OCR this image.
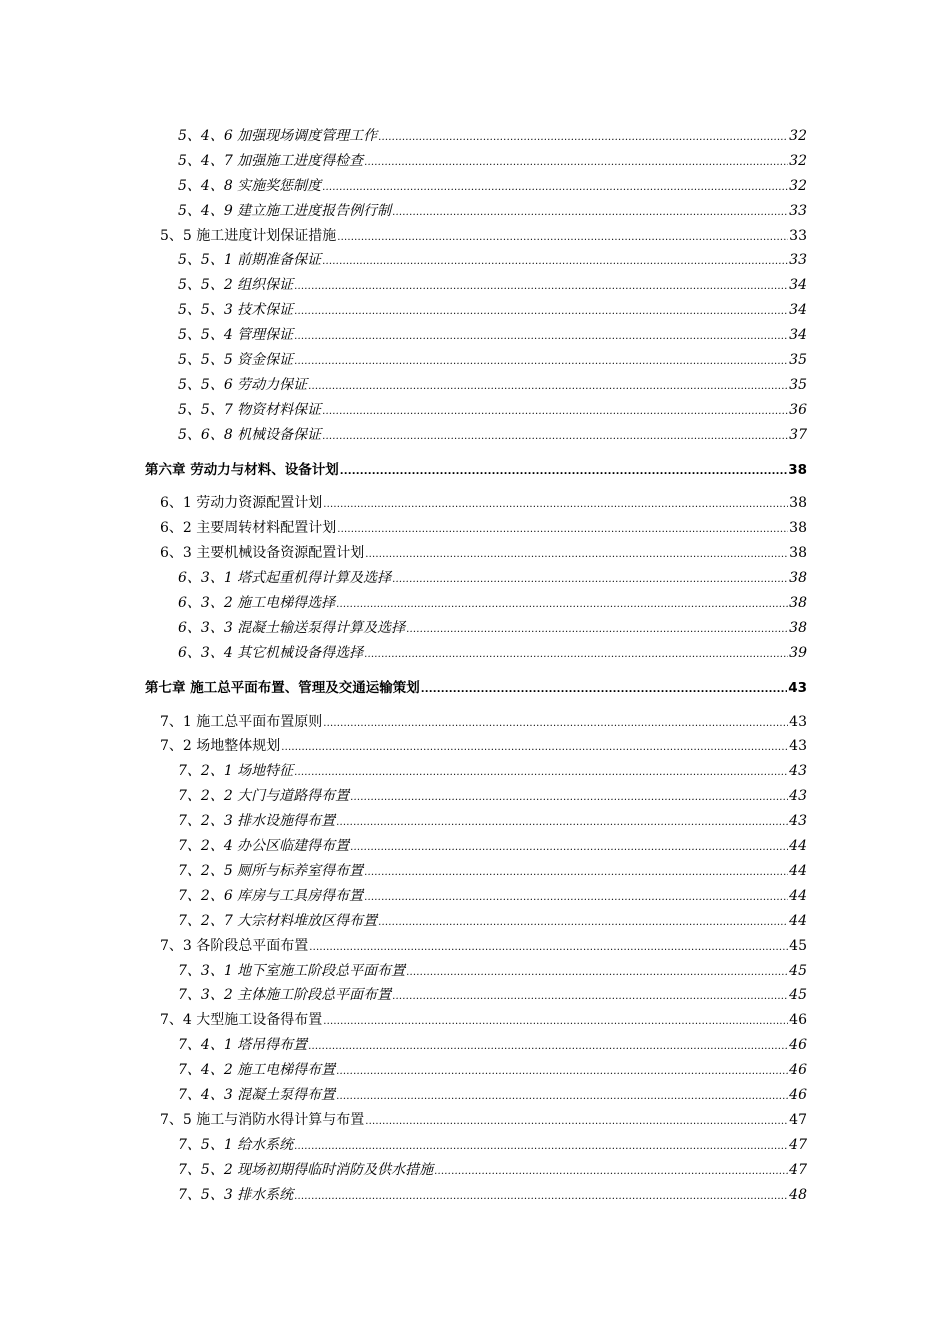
5、4、6 加强现场调度管理工作 .....	32
5、4、7 加强施工进度得检查 .....	32
5、4、8 实施奖惩制度 .....	32
5、4、9 建立施工进度报告例行制 .....	33
5、5 施工进度计划保证措施 .....	33
5、5、1 前期准备保证 .....	33
5、5、2 组织保证 .....	34
5、5、3 技术保证 .....	34
5、5、4 管理保证 .....	34
5、5、5 资金保证 .....	35
5、5、6 劳动力保证 .....	35
5、5、7 物资材料保证 .....	36
5、6、8 机械设备保证 .....	37
第六章 劳动力与材料、设备计划 .....	38
6、1 劳动力资源配置计划 .....	38
6、2 主要周转材料配置计划 .....	38
6、3 主要机械设备资源配置计划 .....	38
6、3、1 塔式起重机得计算及选择 .....	38
6、3、2 施工电梯得选择 .....	38
6、3、3 混凝土输送泵得计算及选择 .....	38
6、3、4 其它机械设备得选择 .....	39
第七章 施工总平面布置、管理及交通运输策划 .....	43
7、1 施工总平面布置原则 .....	43
7、2 场地整体规划 .....	43
7、2、1 场地特征 .....	43
7、2、2 大门与道路得布置 .....	43
7、2、3 排水设施得布置 .....	43
7、2、4 办公区临建得布置 .....	44
7、2、5 厕所与标养室得布置 .....	44
7、2、6 库房与工具房得布置 .....	44
7、2、7 大宗材料堆放区得布置 .....	44
7、3 各阶段总平面布置 .....	45
7、3、1 地下室施工阶段总平面布置 .....	45
7、3、2 主体施工阶段总平面布置 .....	45
7、4 大型施工设备得布置 .....	46
7、4、1 塔吊得布置 .....	46
7、4、2 施工电梯得布置 .....	46
7、4、3 混凝土泵得布置 .....	46
7、5 施工与消防水得计算与布置 .....	47
7、5、1 给水系统 .....	47
7、5、2 现场初期得临时消防及供水措施 .....	47
7、5、3 排水系统 .....	48
